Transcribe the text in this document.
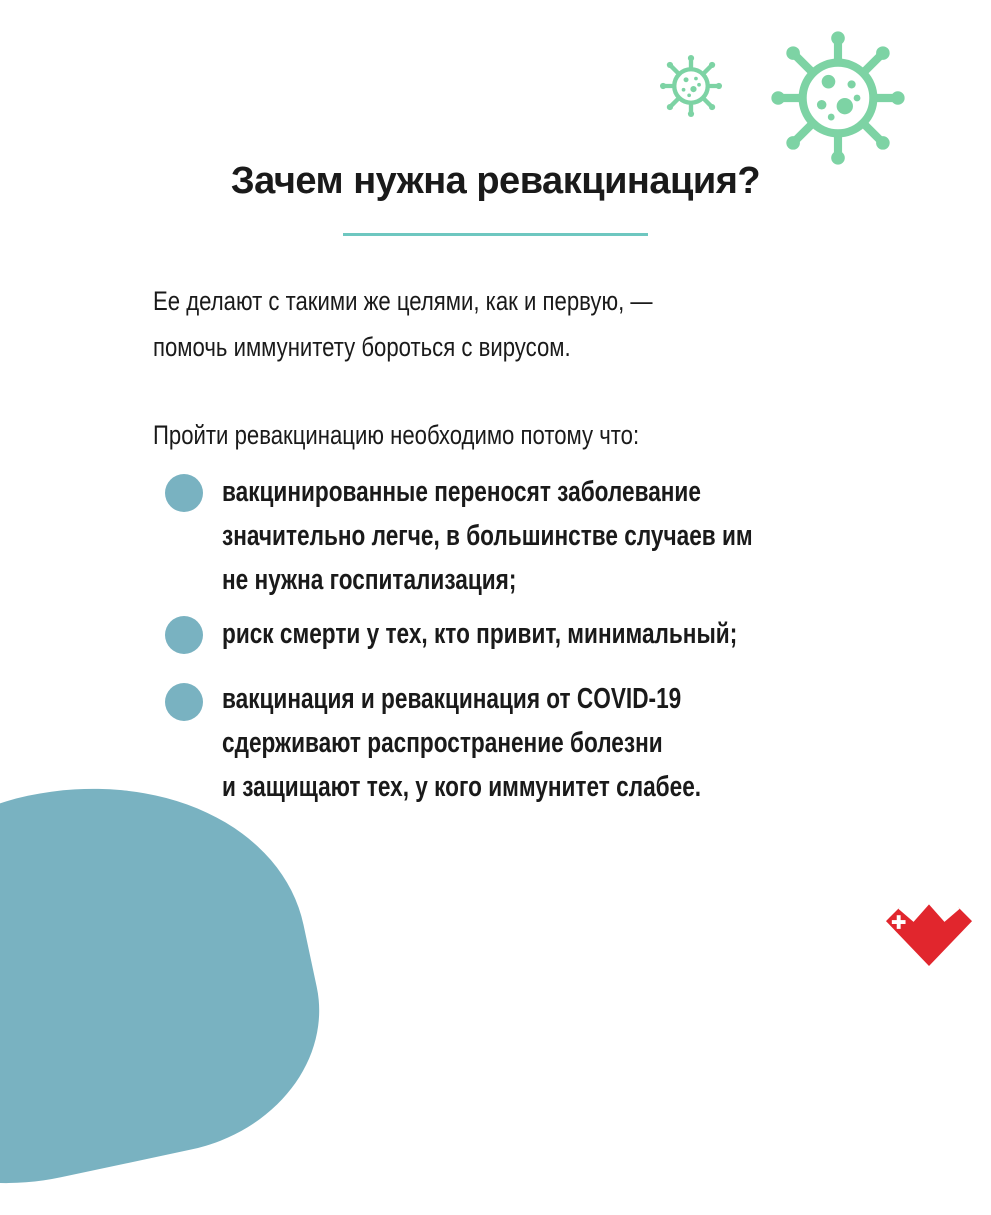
Зачем нужна ревакцинация?

Ее делают с такими же целями, как и первую, —
помочь иммунитету бороться с вирусом.

Пройти ревакцинацию необходимо потому что:

вакцинированные переносят заболевание
значительно легче, в большинстве случаев им
не нужна госпитализация;

риск смерти у тех, кто привит, минимальный;

вакцинация и ревакцинация от COVID-19
сдерживают распространение болезни
и защищают тех, у кого иммунитет слабее.
